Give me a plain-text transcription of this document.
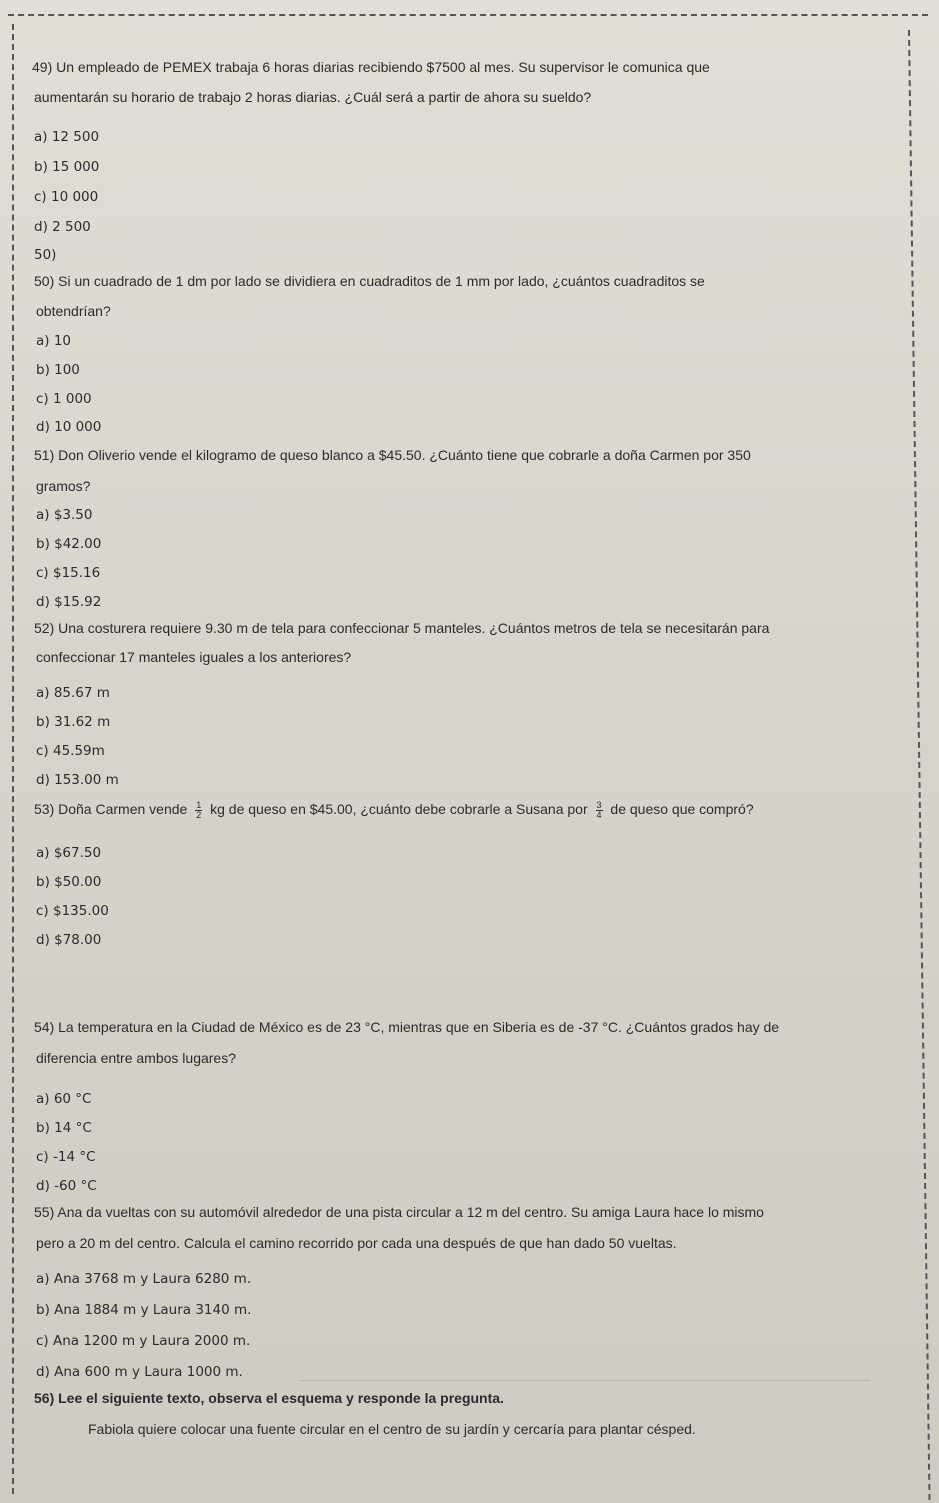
49) Un empleado de PEMEX trabaja 6 horas diarias recibiendo $7500 al mes. Su supervisor le comunica que
aumentarán su horario de trabajo 2 horas diarias. ¿Cuál será a partir de ahora su sueldo?
a) 12 500
b) 15 000
c) 10 000
d) 2 500
50)
50) Si un cuadrado de 1 dm por lado se dividiera en cuadraditos de 1 mm por lado, ¿cuántos cuadraditos se
obtendrían?
a) 10
b) 100
c) 1 000
d) 10 000
51) Don Oliverio vende el kilogramo de queso blanco a $45.50. ¿Cuánto tiene que cobrarle a doña Carmen por 350
gramos?
a) $3.50
b) $42.00
c) $15.16
d) $15.92
52) Una costurera requiere 9.30 m de tela para confeccionar 5 manteles. ¿Cuántos metros de tela se necesitarán para
confeccionar 17 manteles iguales a los anteriores?
a) 85.67 m
b) 31.62 m
c) 45.59m
d) 153.00 m
53) Doña Carmen vende $\frac{1}{2}$ kg de queso en $45.00, ¿cuánto debe cobrarle a Susana por $\frac{3}{4}$ de queso que compró?
a) $67.50
b) $50.00
c) $135.00
d) $78.00
54) La temperatura en la Ciudad de México es de 23 °C, mientras que en Siberia es de -37 °C. ¿Cuántos grados hay de
diferencia entre ambos lugares?
a) 60 °C
b) 14 °C
c) -14 °C
d) -60 °C
55) Ana da vueltas con su automóvil alrededor de una pista circular a 12 m del centro. Su amiga Laura hace lo mismo
pero a 20 m del centro. Calcula el camino recorrido por cada una después de que han dado 50 vueltas.
a) Ana 3768 m y Laura 6280 m.
b) Ana 1884 m y Laura 3140 m.
c) Ana 1200 m y Laura 2000 m.
d) Ana 600 m y Laura 1000 m.
56) Lee el siguiente texto, observa el esquema y responde la pregunta.
Fabiola quiere colocar una fuente circular en el centro de su jardín y cercaría para plantar césped.
